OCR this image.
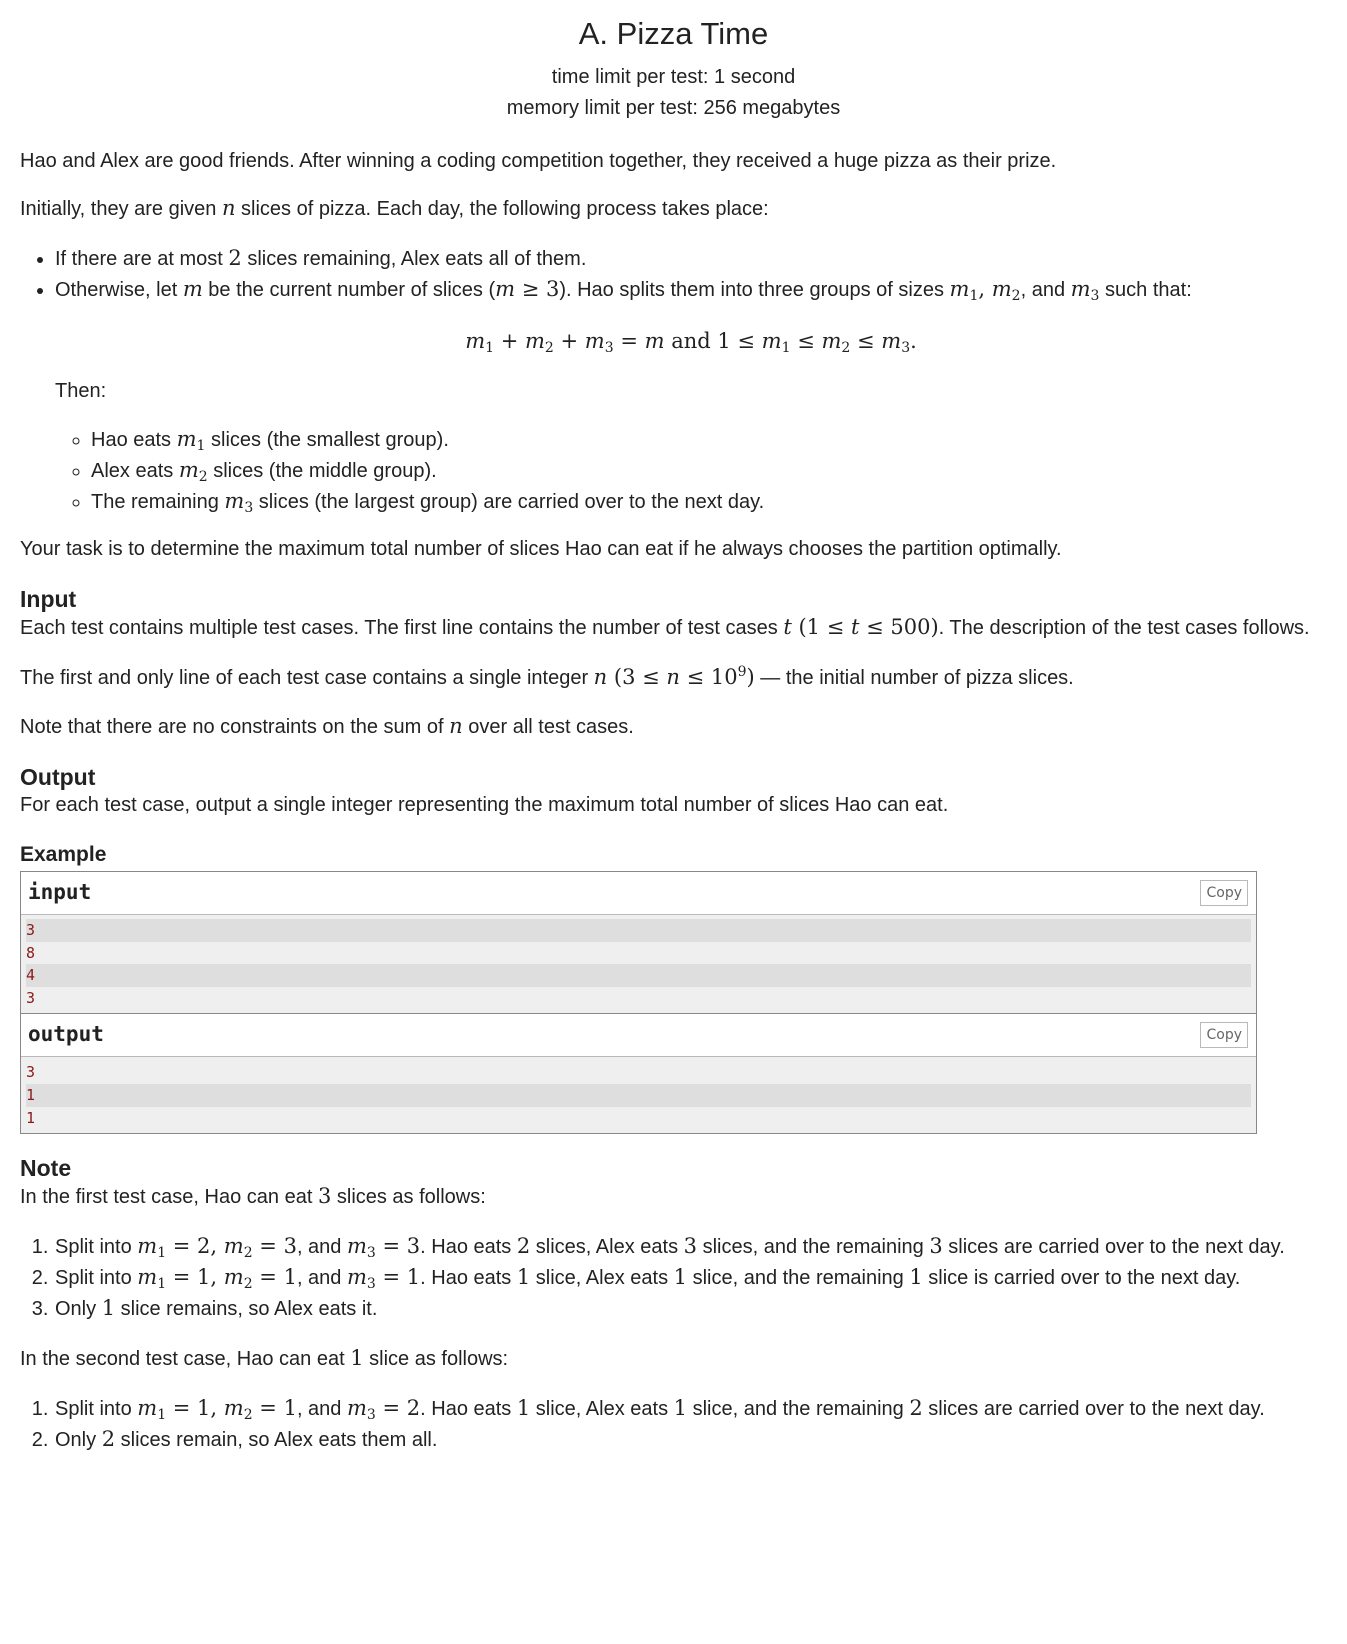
A. Pizza Time
time limit per test: 1 second
memory limit per test: 256 megabytes

Hao and Alex are good friends. After winning a coding competition together, they received a huge pizza as their prize.

Initially, they are given n slices of pizza. Each day, the following process takes place:

• If there are at most 2 slices remaining, Alex eats all of them.
• Otherwise, let m be the current number of slices (m ≥ 3). Hao splits them into three groups of sizes $m_1$, $m_2$, and $m_3$ such that:
$m_1 + m_2 + m_3 = m$ and $1 \le m_1 \le m_2 \le m_3$.
Then:
◦ Hao eats $m_1$ slices (the smallest group).
◦ Alex eats $m_2$ slices (the middle group).
◦ The remaining $m_3$ slices (the largest group) are carried over to the next day.

Your task is to determine the maximum total number of slices Hao can eat if he always chooses the partition optimally.

Input

Each test contains multiple test cases. The first line contains the number of test cases t (1 ≤ t ≤ 500). The description of the test cases follows.

The first and only line of each test case contains a single integer n $(3 \le n \le 10^9)$ — the initial number of pizza slices.

Note that there are no constraints on the sum of n over all test cases.

Output

For each test case, output a single integer representing the maximum total number of slices Hao can eat.

Example
input	Copy
3
8
4
3
output	Copy
3
1
1
Note

In the first test case, Hao can eat 3 slices as follows:

1. Split into $m_1 = 2$, $m_2 = 3$, and $m_3 = 3$. Hao eats 2 slices, Alex eats 3 slices, and the remaining 3 slices are carried over to the next day.
2. Split into $m_1 = 1$, $m_2 = 1$, and $m_3 = 1$. Hao eats 1 slice, Alex eats 1 slice, and the remaining 1 slice is carried over to the next day.
3. Only 1 slice remains, so Alex eats it.

In the second test case, Hao can eat 1 slice as follows:

1. Split into $m_1 = 1$, $m_2 = 1$, and $m_3 = 2$. Hao eats 1 slice, Alex eats 1 slice, and the remaining 2 slices are carried over to the next day.
2. Only 2 slices remain, so Alex eats them all.
